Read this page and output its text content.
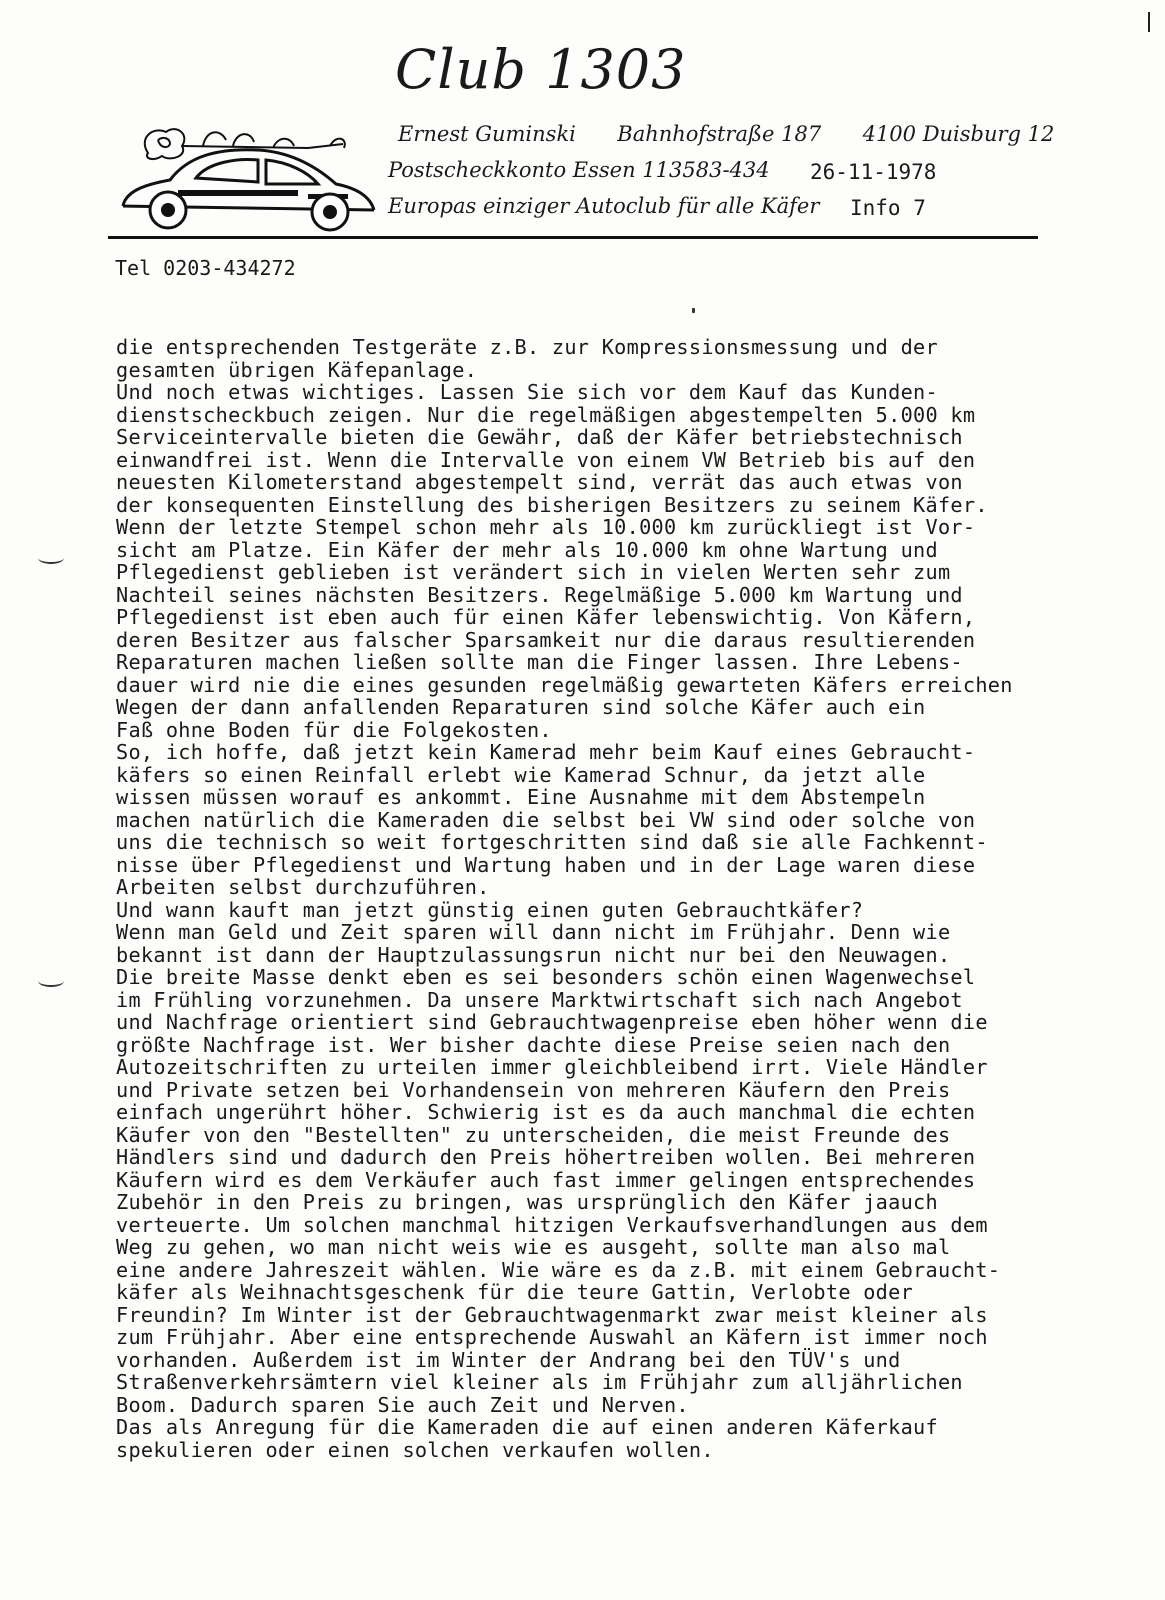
Club 1303
Ernest Guminski Bahnhofstraße 187 4100 Duisburg 12
Postscheckkonto Essen 113583-434 26-11-1978
Europas einziger Autoclub für alle Käfer Info 7
Tel 0203-434272
die entsprechenden Testgeräte z.B. zur Kompressionsmessung und der
gesamten übrigen Käfepanlage.
Und noch etwas wichtiges. Lassen Sie sich vor dem Kauf das Kunden-
dienstscheckbuch zeigen. Nur die regelmäßigen abgestempelten 5.000 km
Serviceintervalle bieten die Gewähr, daß der Käfer betriebstechnisch
einwandfrei ist. Wenn die Intervalle von einem VW Betrieb bis auf den
neuesten Kilometerstand abgestempelt sind, verrät das auch etwas von
der konsequenten Einstellung des bisherigen Besitzers zu seinem Käfer.
Wenn der letzte Stempel schon mehr als 10.000 km zurückliegt ist Vor-
sicht am Platze. Ein Käfer der mehr als 10.000 km ohne Wartung und
Pflegedienst geblieben ist verändert sich in vielen Werten sehr zum
Nachteil seines nächsten Besitzers. Regelmäßige 5.000 km Wartung und
Pflegedienst ist eben auch für einen Käfer lebenswichtig. Von Käfern,
deren Besitzer aus falscher Sparsamkeit nur die daraus resultierenden
Reparaturen machen ließen sollte man die Finger lassen. Ihre Lebens-
dauer wird nie die eines gesunden regelmäßig gewarteten Käfers erreichen
Wegen der dann anfallenden Reparaturen sind solche Käfer auch ein
Faß ohne Boden für die Folgekosten.
So, ich hoffe, daß jetzt kein Kamerad mehr beim Kauf eines Gebraucht-
käfers so einen Reinfall erlebt wie Kamerad Schnur, da jetzt alle
wissen müssen worauf es ankommt. Eine Ausnahme mit dem Abstempeln
machen natürlich die Kameraden die selbst bei VW sind oder solche von
uns die technisch so weit fortgeschritten sind daß sie alle Fachkennt-
nisse über Pflegedienst und Wartung haben und in der Lage waren diese
Arbeiten selbst durchzuführen.
Und wann kauft man jetzt günstig einen guten Gebrauchtkäfer?
Wenn man Geld und Zeit sparen will dann nicht im Frühjahr. Denn wie
bekannt ist dann der Hauptzulassungsrun nicht nur bei den Neuwagen.
Die breite Masse denkt eben es sei besonders schön einen Wagenwechsel
im Frühling vorzunehmen. Da unsere Marktwirtschaft sich nach Angebot
und Nachfrage orientiert sind Gebrauchtwagenpreise eben höher wenn die
größte Nachfrage ist. Wer bisher dachte diese Preise seien nach den
Autozeitschriften zu urteilen immer gleichbleibend irrt. Viele Händler
und Private setzen bei Vorhandensein von mehreren Käufern den Preis
einfach ungerührt höher. Schwierig ist es da auch manchmal die echten
Käufer von den "Bestellten" zu unterscheiden, die meist Freunde des
Händlers sind und dadurch den Preis höhertreiben wollen. Bei mehreren
Käufern wird es dem Verkäufer auch fast immer gelingen entsprechendes
Zubehör in den Preis zu bringen, was ursprünglich den Käfer jaauch
verteuerte. Um solchen manchmal hitzigen Verkaufsverhandlungen aus dem
Weg zu gehen, wo man nicht weis wie es ausgeht, sollte man also mal
eine andere Jahreszeit wählen. Wie wäre es da z.B. mit einem Gebraucht-
käfer als Weihnachtsgeschenk für die teure Gattin, Verlobte oder
Freundin? Im Winter ist der Gebrauchtwagenmarkt zwar meist kleiner als
zum Frühjahr. Aber eine entsprechende Auswahl an Käfern ist immer noch
vorhanden. Außerdem ist im Winter der Andrang bei den TÜV's und
Straßenverkehrsämtern viel kleiner als im Frühjahr zum alljährlichen
Boom. Dadurch sparen Sie auch Zeit und Nerven.
Das als Anregung für die Kameraden die auf einen anderen Käferkauf
spekulieren oder einen solchen verkaufen wollen.
